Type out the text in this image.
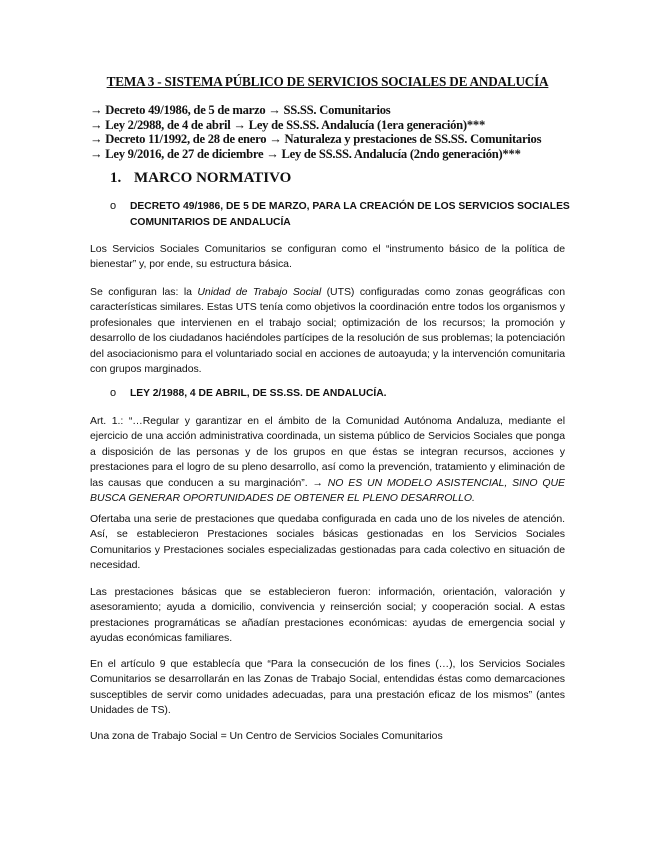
TEMA 3 - SISTEMA PÚBLICO DE SERVICIOS SOCIALES DE ANDALUCÍA
→ Decreto 49/1986, de 5 de marzo → SS.SS. Comunitarios
→ Ley 2/2988, de 4 de abril → Ley de SS.SS. Andalucía (1era generación)***
→ Decreto 11/1992, de 28 de enero → Naturaleza y prestaciones de SS.SS. Comunitarios
→ Ley 9/2016, de 27 de diciembre → Ley de SS.SS. Andalucía (2ndo generación)***
1. MARCO NORMATIVO
o DECRETO 49/1986, DE 5 DE MARZO, PARA LA CREACIÓN DE LOS SERVICIOS SOCIALES COMUNITARIOS DE ANDALUCÍA
Los Servicios Sociales Comunitarios se configuran como el “instrumento básico de la política de bienestar” y, por ende, su estructura básica.
Se configuran las: la Unidad de Trabajo Social (UTS) configuradas como zonas geográficas con características similares. Estas UTS tenía como objetivos la coordinación entre todos los organismos y profesionales que intervienen en el trabajo social; optimización de los recursos; la promoción y desarrollo de los ciudadanos haciéndoles partícipes de la resolución de sus problemas; la potenciación del asociacionismo para el voluntariado social en acciones de autoayuda; y la intervención comunitaria con grupos marginados.
o LEY 2/1988, 4 DE ABRIL, DE SS.SS. DE ANDALUCÍA.
Art. 1.: “…Regular y garantizar en el ámbito de la Comunidad Autónoma Andaluza, mediante el ejercicio de una acción administrativa coordinada, un sistema público de Servicios Sociales que ponga a disposición de las personas y de los grupos en que éstas se integran recursos, acciones y prestaciones para el logro de su pleno desarrollo, así como la prevención, tratamiento y eliminación de las causas que conducen a su marginación”. → NO ES UN MODELO ASISTENCIAL, SINO QUE BUSCA GENERAR OPORTUNIDADES DE OBTENER EL PLENO DESARROLLO.
Ofertaba una serie de prestaciones que quedaba configurada en cada uno de los niveles de atención. Así, se establecieron Prestaciones sociales básicas gestionadas en los Servicios Sociales Comunitarios y Prestaciones sociales especializadas gestionadas para cada colectivo en situación de necesidad.
Las prestaciones básicas que se establecieron fueron: información, orientación, valoración y asesoramiento; ayuda a domicilio, convivencia y reinserción social; y cooperación social. A estas prestaciones programáticas se añadían prestaciones económicas: ayudas de emergencia social y ayudas económicas familiares.
En el artículo 9 que establecía que “Para la consecución de los fines (…), los Servicios Sociales Comunitarios se desarrollarán en las Zonas de Trabajo Social, entendidas éstas como demarcaciones susceptibles de servir como unidades adecuadas, para una prestación eficaz de los mismos” (antes Unidades de TS).
Una zona de Trabajo Social = Un Centro de Servicios Sociales Comunitarios
